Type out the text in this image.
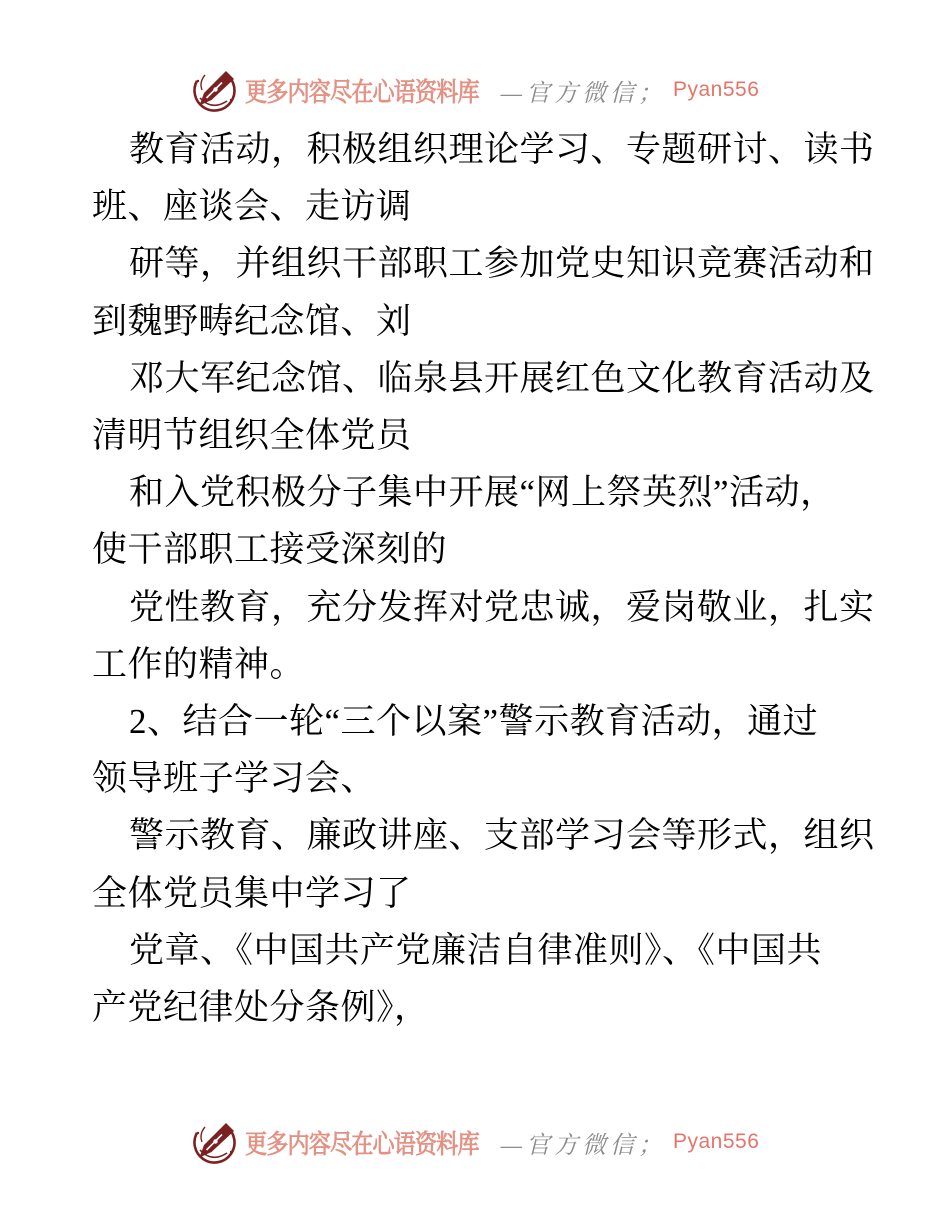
更多内容尽在心语资料库 —官方微信； Pyan556
教育活动，积极组织理论学习、专题研讨、读书
班、座谈会、走访调
研等，并组织干部职工参加党史知识竞赛活动和
到魏野畴纪念馆、刘
邓大军纪念馆、临泉县开展红色文化教育活动及
清明节组织全体党员
和入党积极分子集中开展“网上祭英烈”活动，
使干部职工接受深刻的
党性教育，充分发挥对党忠诚，爱岗敬业，扎实
工作的精神。
2、结合一轮“三个以案”警示教育活动，通过
领导班子学习会、
警示教育、廉政讲座、支部学习会等形式，组织
全体党员集中学习了
党章、《中国共产党廉洁自律准则》、《中国共
产党纪律处分条例》，
更多内容尽在心语资料库 —官方微信； Pyan556
